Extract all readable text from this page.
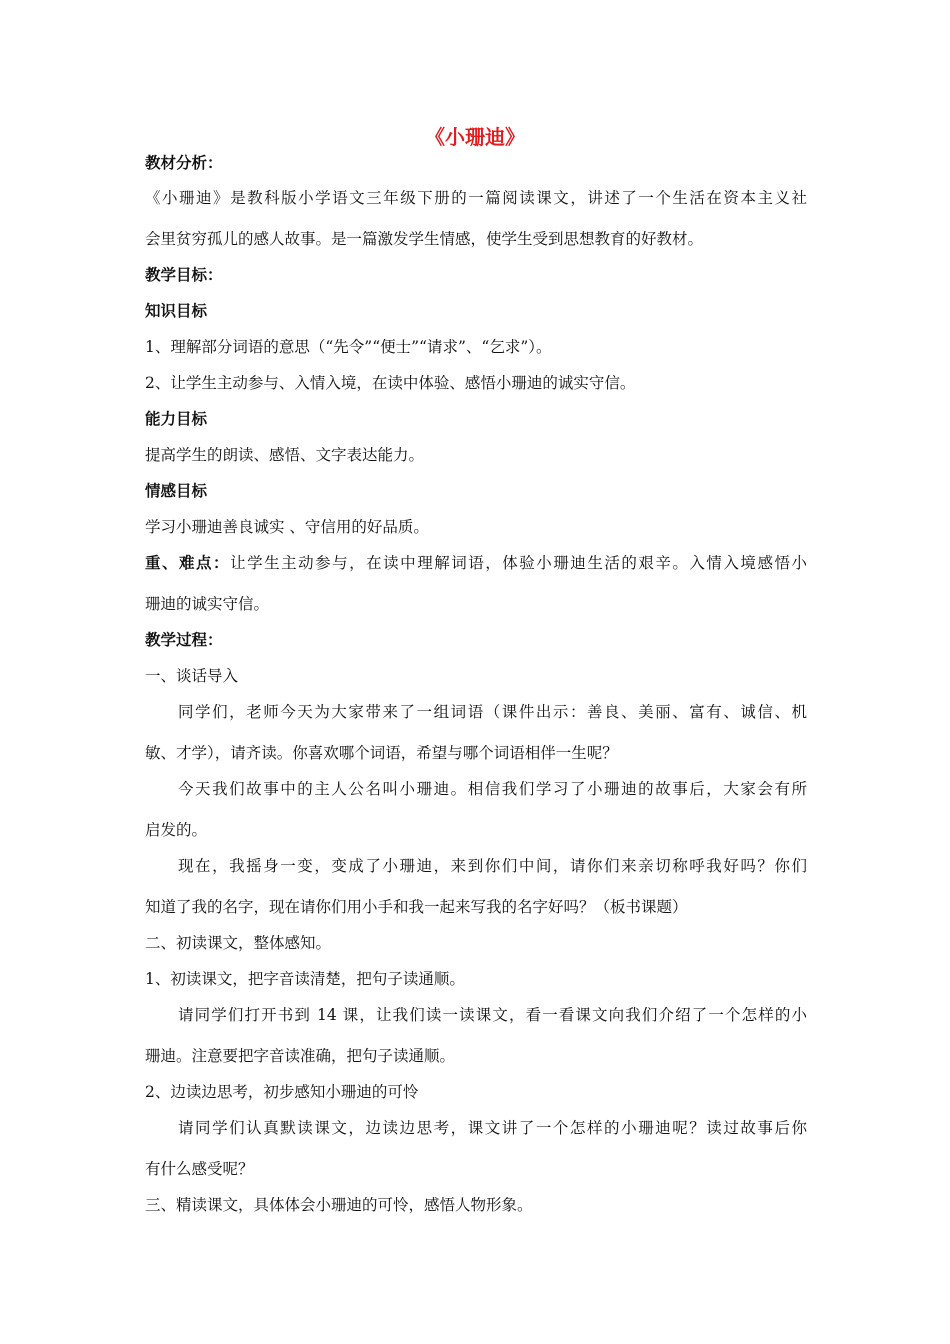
《小珊迪》
教材分析：
《小珊迪》是教科版小学语文三年级下册的一篇阅读课文，讲述了一个生活在资本主义社
会里贫穷孤儿的感人故事。是一篇激发学生情感，使学生受到思想教育的好教材。
教学目标：
知识目标
1、理解部分词语的意思（“先令”“便士”“请求”、“乞求”）。
2、让学生主动参与、入情入境，在读中体验、感悟小珊迪的诚实守信。
能力目标
提高学生的朗读、感悟、文字表达能力。
情感目标
学习小珊迪善良诚实 、守信用的好品质。
重、难点：让学生主动参与，在读中理解词语，体验小珊迪生活的艰辛。入情入境感悟小
珊迪的诚实守信。
教学过程：
一、谈话导入
同学们，老师今天为大家带来了一组词语（课件出示：善良、美丽、富有、诚信、机
敏、才学），请齐读。你喜欢哪个词语，希望与哪个词语相伴一生呢？
今天我们故事中的主人公名叫小珊迪。相信我们学习了小珊迪的故事后，大家会有所
启发的。
现在，我摇身一变，变成了小珊迪，来到你们中间，请你们来亲切称呼我好吗？你们
知道了我的名字，现在请你们用小手和我一起来写我的名字好吗？（板书课题）
二、初读课文，整体感知。
1、初读课文，把字音读清楚，把句子读通顺。
请同学们打开书到 14 课，让我们读一读课文，看一看课文向我们介绍了一个怎样的小
珊迪。注意要把字音读准确，把句子读通顺。
2、边读边思考，初步感知小珊迪的可怜
请同学们认真默读课文，边读边思考，课文讲了一个怎样的小珊迪呢？读过故事后你
有什么感受呢？
三、精读课文，具体体会小珊迪的可怜，感悟人物形象。
